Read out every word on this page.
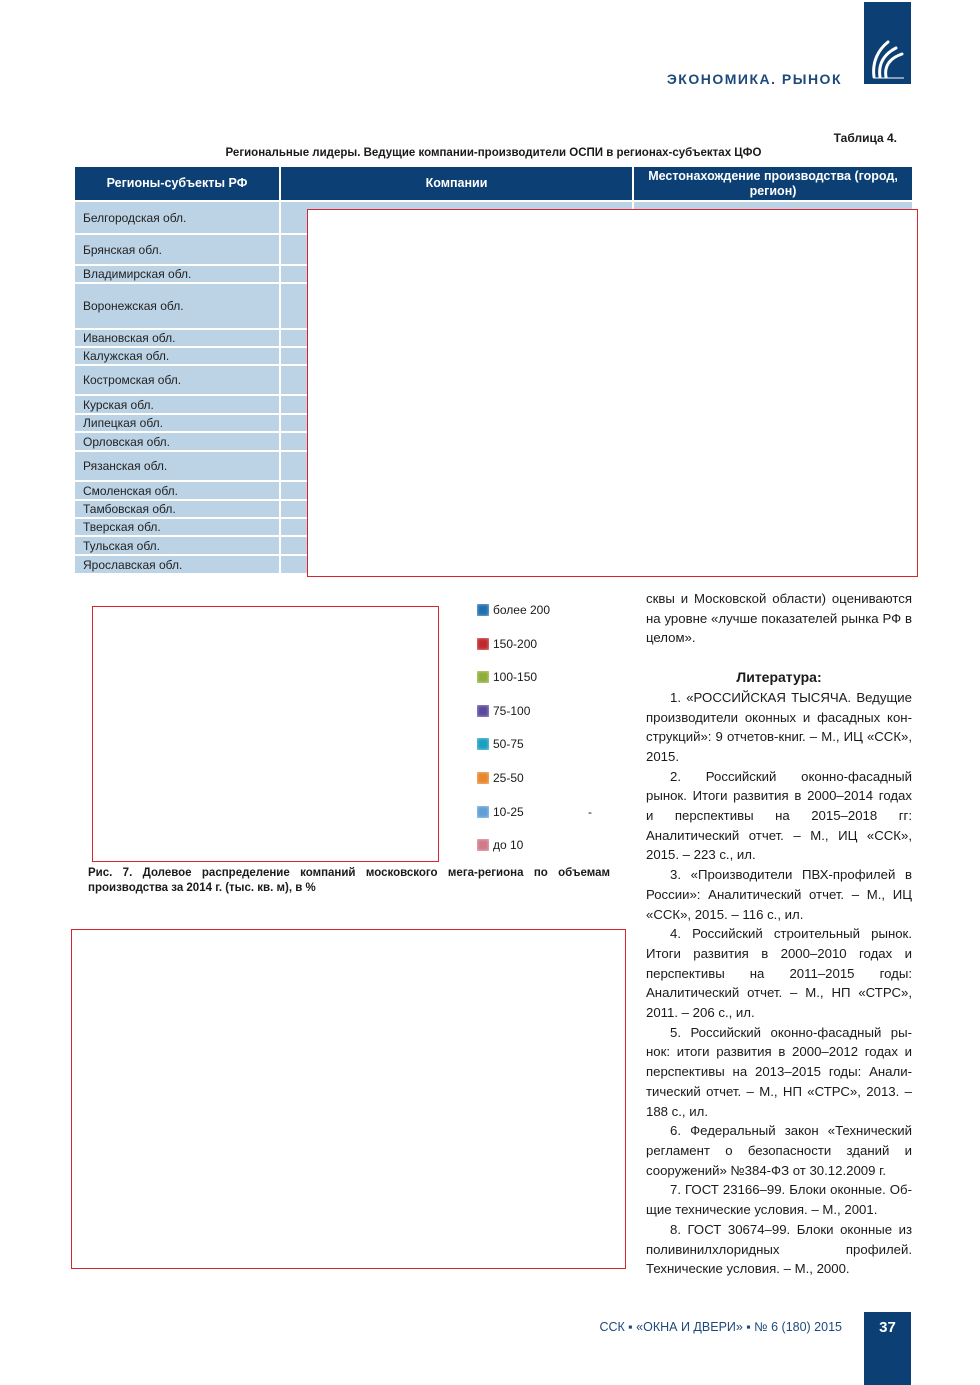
ЭКОНОМИКА. РЫНОК
Таблица 4.
Региональные лидеры. Ведущие компании-производители ОСПИ в регионах-субъектах ЦФО
Регионы-субъекты РФ	Компании
Местонахождение производства (город, регион)
Белгородская обл.
Брянская обл.
Владимирская обл.
Воронежская обл.
Ивановская обл.
Калужская обл.
Костромская обл.
Курская обл.
Липецкая обл.
Орловская обл.
Рязанская обл.
Смоленская обл.
Тамбовская обл.
Тверская обл.
Тульская обл.
Ярославская обл.
более 200
150-200
100-150
75-100
50-75
25-50
10-25
до 10
-
Рис. 7. Долевое распределение компаний московского мега-региона по объемам производства за 2014 г. (тыс. кв. м), в %

сквы и Московской области) оцениваются на уровне «лучше показателей рынка РФ в целом».

Литература:

1. «РОССИЙСКАЯ ТЫСЯЧА. Ведущие производители оконных и фасадных конструкций»: 9 отчетов-книг. – М., ИЦ «ССК», 2015.

2. Российский оконно-фасадный рынок. Итоги развития в 2000–2014 годах и перспективы на 2015–2018 гг: Аналитический отчет. – М., ИЦ «ССК», 2015. – 223 с., ил.

3. «Производители ПВХ-профилей в России»: Аналитический отчет. – М., ИЦ «ССК», 2015. – 116 с., ил.

4. Российский строительный рынок. Итоги развития в 2000–2010 годах и перспективы на 2011–2015 годы: Аналитический отчет. – М., НП «СТРС», 2011. – 206 с., ил.

5. Российский оконно-фасадный рынок: итоги развития в 2000–2012 годах и перспективы на 2013–2015 годы: Аналитический отчет. – М., НП «СТРС», 2013. – 188 с., ил.

6. Федеральный закон «Технический регламент о безопасности зданий и сооружений» №384-ФЗ от 30.12.2009 г.

7. ГОСТ 23166–99. Блоки оконные. Общие технические условия. – М., 2001.

8. ГОСТ 30674–99. Блоки оконные из поливинилхлоридных профилей. Технические условия. – М., 2000.

ССК ▪ «ОКНА И ДВЕРИ» ▪ № 6 (180) 2015	37
